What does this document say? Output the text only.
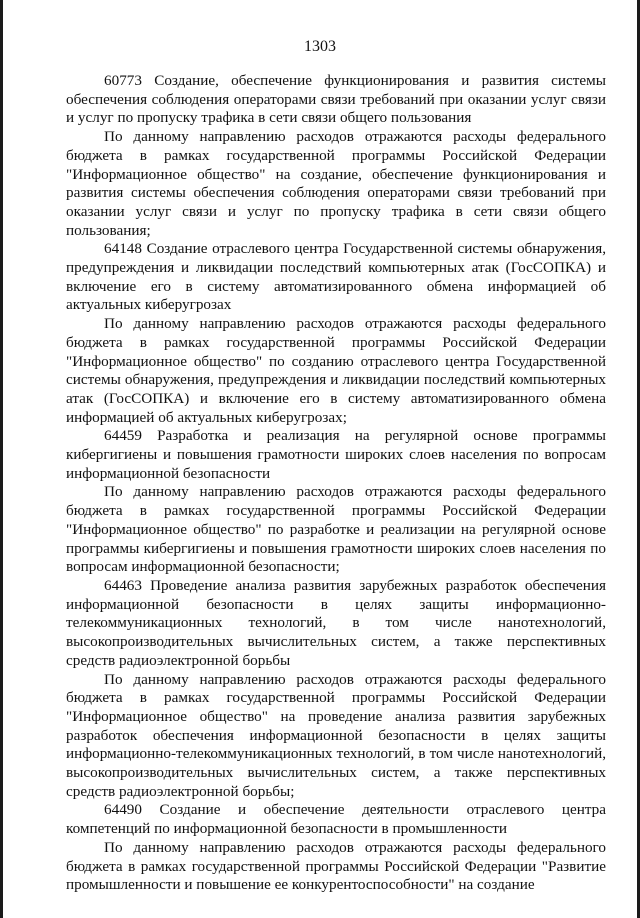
1303

60773 Создание, обеспечение функционирования и развития системы обеспечения соблюдения операторами связи требований при оказании услуг связи и услуг по пропуску трафика в сети связи общего пользования

По данному направлению расходов отражаются расходы федерального бюджета в рамках государственной программы Российской Федерации "Информационное общество" на создание, обеспечение функционирования и развития системы обеспечения соблюдения операторами связи требований при оказании услуг связи и услуг по пропуску трафика в сети связи общего пользования;

64148 Создание отраслевого центра Государственной системы обнаружения, предупреждения и ликвидации последствий компьютерных атак (ГосСОПКА) и включение его в систему автоматизированного обмена информацией об актуальных киберугрозах

По данному направлению расходов отражаются расходы федерального бюджета в рамках государственной программы Российской Федерации "Информационное общество" по созданию отраслевого центра Государственной системы обнаружения, предупреждения и ликвидации последствий компьютерных атак (ГосСОПКА) и включение его в систему автоматизированного обмена информацией об актуальных киберугрозах;

64459 Разработка и реализация на регулярной основе программы кибергигиены и повышения грамотности широких слоев населения по вопросам информационной безопасности

По данному направлению расходов отражаются расходы федерального бюджета в рамках государственной программы Российской Федерации "Информационное общество" по разработке и реализации на регулярной основе программы кибергигиены и повышения грамотности широких слоев населения по вопросам информационной безопасности;

64463 Проведение анализа развития зарубежных разработок обеспечения информационной безопасности в целях защиты информационно-телекоммуникационных технологий, в том числе нанотехнологий, высокопроизводительных вычислительных систем, а также перспективных средств радиоэлектронной борьбы

По данному направлению расходов отражаются расходы федерального бюджета в рамках государственной программы Российской Федерации "Информационное общество" на проведение анализа развития зарубежных разработок обеспечения информационной безопасности в целях защиты информационно-телекоммуникационных технологий, в том числе нанотехнологий, высокопроизводительных вычислительных систем, а также перспективных средств радиоэлектронной борьбы;

64490 Создание и обеспечение деятельности отраслевого центра компетенций по информационной безопасности в промышленности

По данному направлению расходов отражаются расходы федерального бюджета в рамках государственной программы Российской Федерации "Развитие промышленности и повышение ее конкурентоспособности" на создание
